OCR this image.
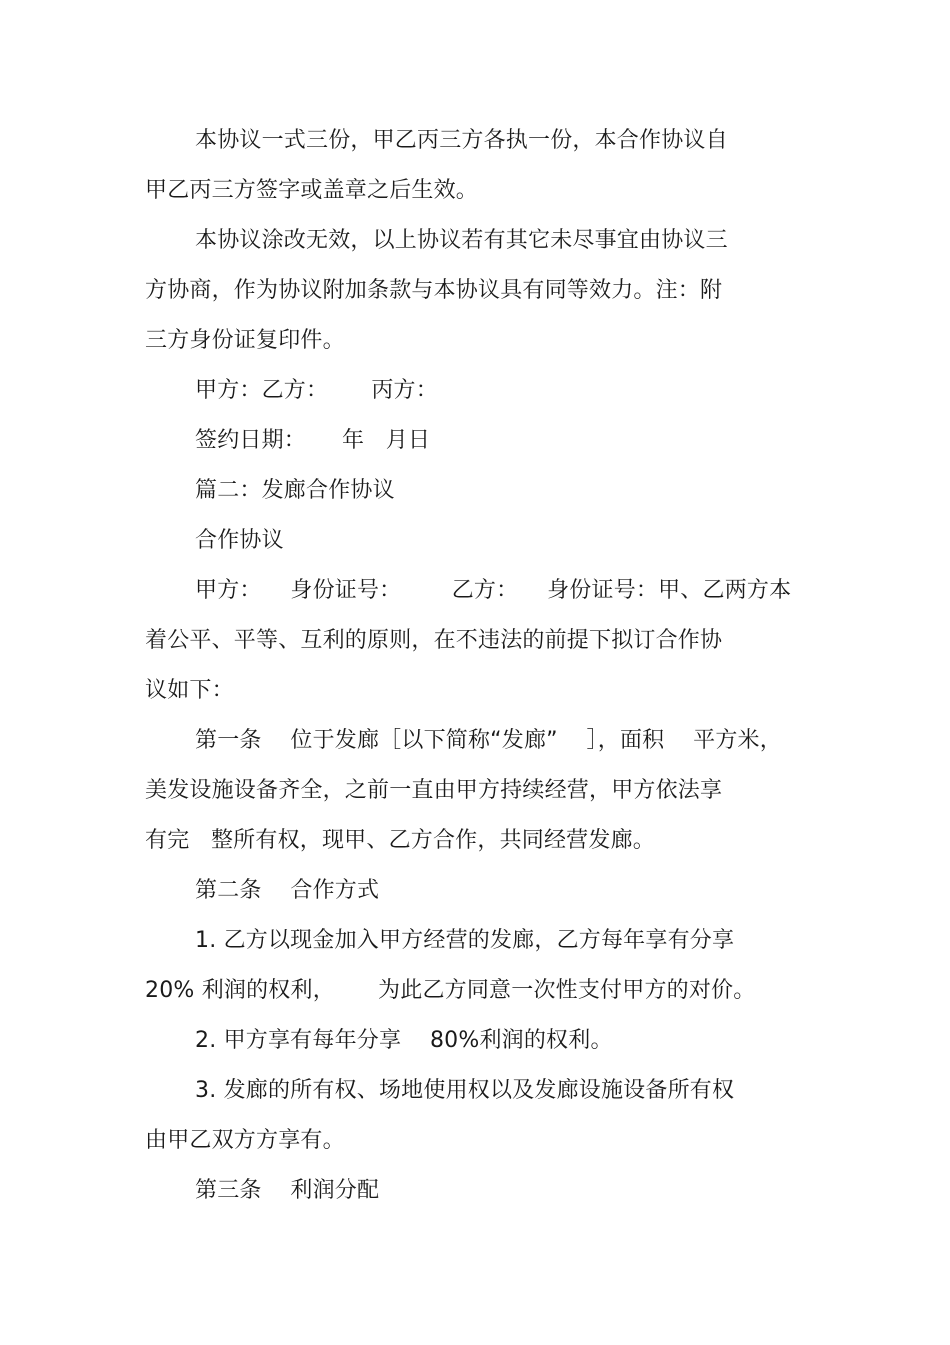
本协议一式三份，甲乙丙三方各执一份，本合作协议自
甲乙丙三方签字或盖章之后生效。
本协议涂改无效，以上协议若有其它未尽事宜由协议三
方协商，作为协议附加条款与本协议具有同等效力。注：附
三方身份证复印件。
甲方：乙方：      丙方：
签约日期：     年   月日
篇二：发廊合作协议
合作协议
甲方：    身份证号：       乙方：    身份证号：甲、乙两方本
着公平、平等、互利的原则，在不违法的前提下拟订合作协
议如下：
第一条    位于发廊［以下简称“发廊”    ］，面积    平方米，
美发设施设备齐全，之前一直由甲方持续经营，甲方依法享
有完   整所有权，现甲、乙方合作，共同经营发廊。
第二条    合作方式
1. 乙方以现金加入甲方经营的发廊，乙方每年享有分享
20% 利润的权利，      为此乙方同意一次性支付甲方的对价。
2. 甲方享有每年分享    80%利润的权利。
3. 发廊的所有权、场地使用权以及发廊设施设备所有权
由甲乙双方方享有。
第三条    利润分配
